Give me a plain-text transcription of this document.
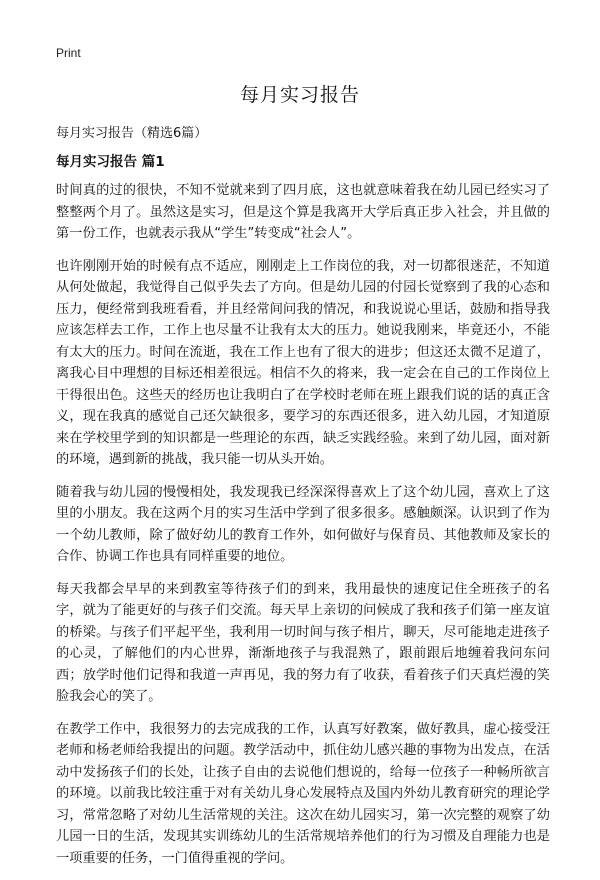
Print
每月实习报告

每月实习报告（精选6篇）

每月实习报告 篇1

时间真的过的很快，不知不觉就来到了四月底，这也就意味着我在幼儿园已经实习了整整两个月了。虽然这是实习，但是这个算是我离开大学后真正步入社会，并且做的第一份工作，也就表示我从“学生”转变成“社会人”。

也许刚刚开始的时候有点不适应，刚刚走上工作岗位的我，对一切都很迷茫，不知道从何处做起，我觉得自己似乎失去了方向。但是幼儿园的付园长觉察到了我的心态和压力，便经常到我班看看，并且经常间问我的情况，和我说说心里话，鼓励和指导我应该怎样去工作，工作上也尽量不让我有太大的压力。她说我刚来，毕竟还小，不能有太大的压力。时间在流逝，我在工作上也有了很大的进步；但这还太微不足道了，离我心目中理想的目标还相差很远。相信不久的将来，我一定会在自己的工作岗位上干得很出色。这些天的经历也让我明白了在学校时老师在班上跟我们说的话的真正含义，现在我真的感觉自己还欠缺很多，要学习的东西还很多，进入幼儿园，才知道原来在学校里学到的知识都是一些理论的东西，缺乏实践经验。来到了幼儿园，面对新的环境，遇到新的挑战，我只能一切从头开始。

随着我与幼儿园的慢慢相处，我发现我已经深深得喜欢上了这个幼儿园，喜欢上了这里的小朋友。我在这两个月的实习生活中学到了很多很多。感触颇深。认识到了作为一个幼儿教师，除了做好幼儿的教育工作外，如何做好与保育员、其他教师及家长的合作、协调工作也具有同样重要的地位。

每天我都会早早的来到教室等待孩子们的到来，我用最快的速度记住全班孩子的名字，就为了能更好的与孩子们交流。每天早上亲切的问候成了我和孩子们第一座友谊的桥梁。与孩子们平起平坐，我利用一切时间与孩子相片，聊天，尽可能地走进孩子的心灵，了解他们的内心世界，渐渐地孩子与我混熟了，跟前跟后地缠着我问东问西；放学时他们记得和我道一声再见，我的努力有了收获，看着孩子们天真烂漫的笑脸我会心的笑了。

在教学工作中，我很努力的去完成我的工作，认真写好教案，做好教具，虚心接受汪老师和杨老师给我提出的问题。教学活动中，抓住幼儿感兴趣的事物为出发点，在活动中发扬孩子们的长处，让孩子自由的去说他们想说的，给每一位孩子一种畅所欲言的环境。以前我比较注重于对有关幼儿身心发展特点及国内外幼儿教育研究的理论学习，常常忽略了对幼儿生活常规的关注。这次在幼儿园实习，第一次完整的观察了幼儿园一日的生活，发现其实训练幼儿的生活常规培养他们的行为习惯及自理能力也是一项重要的任务，一门值得重视的学问。
